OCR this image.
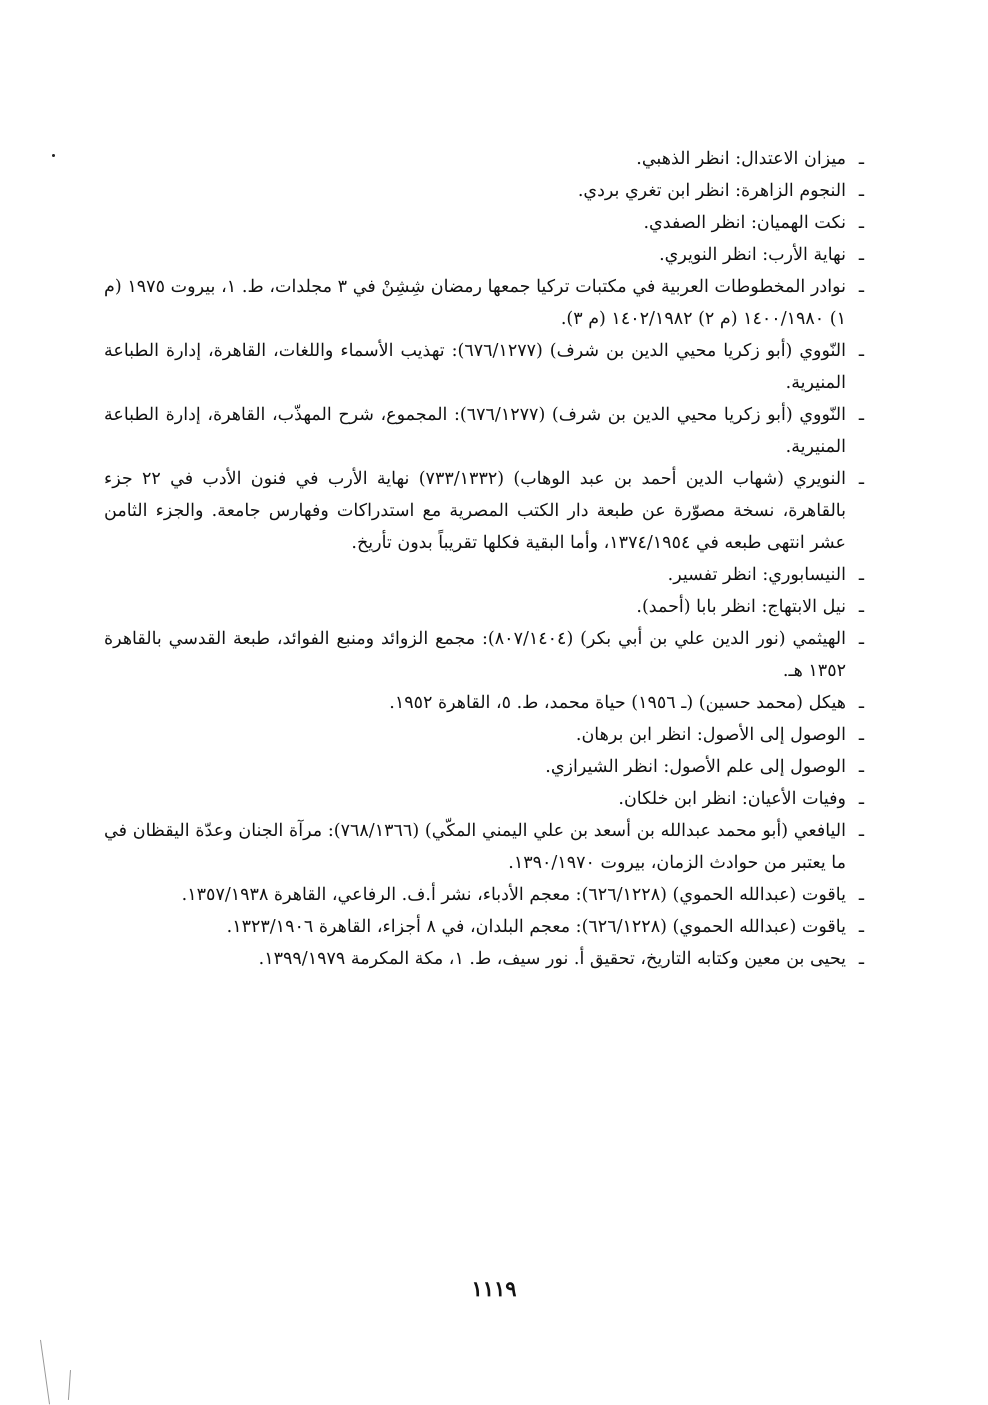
ـ
ميزان الاعتدال: انظر الذهبي.
ـ
النجوم الزاهرة: انظر ابن تغري بردي.
ـ
نكت الهميان: انظر الصفدي.
ـ
نهاية الأرب: انظر النويري.
ـ
نوادر المخطوطات العربية في مكتبات تركيا جمعها رمضان شِشِنْ في ٣ مجلدات، ط. ١، بيروت ١٩٧٥ (م ١) ١٤٠٠/١٩٨٠ (م ٢) ١٤٠٢/١٩٨٢ (م ٣).
ـ
النّووي (أبو زكريا محيي الدين بن شرف) (٦٧٦/١٢٧٧): تهذيب الأسماء واللغات، القاهرة، إدارة الطباعة المنيرية.
ـ
النّووي (أبو زكريا محيي الدين بن شرف) (٦٧٦/١٢٧٧): المجموع، شرح المهذّب، القاهرة، إدارة الطباعة المنيرية.
ـ
النويري (شهاب الدين أحمد بن عبد الوهاب) (٧٣٣/١٣٣٢) نهاية الأرب في فنون الأدب في ٢٢ جزء بالقاهرة، نسخة مصوّرة عن طبعة دار الكتب المصرية مع استدراكات وفهارس جامعة. والجزء الثامن عشر انتهى طبعه في ١٣٧٤/١٩٥٤، وأما البقية فكلها تقريباً بدون تأريخ.
ـ
النيسابوري: انظر تفسير.
ـ
نيل الابتهاج: انظر بابا (أحمد).
ـ
الهيثمي (نور الدين علي بن أبي بكر) (٨٠٧/١٤٠٤): مجمع الزوائد ومنبع الفوائد، طبعة القدسي بالقاهرة ١٣٥٢ هـ.
ـ
هيكل (محمد حسين) (ـ ١٩٥٦) حياة محمد، ط. ٥، القاهرة ١٩٥٢.
ـ
الوصول إلى الأصول: انظر ابن برهان.
ـ
الوصول إلى علم الأصول: انظر الشيرازي.
ـ
وفيات الأعيان: انظر ابن خلكان.
ـ
اليافعي (أبو محمد عبدالله بن أسعد بن علي اليمني المكّي) (٧٦٨/١٣٦٦): مرآة الجنان وعدّة اليقظان في ما يعتبر من حوادث الزمان، بيروت ١٣٩٠/١٩٧٠.
ـ
ياقوت (عبدالله الحموي) (٦٢٦/١٢٢٨): معجم الأدباء، نشر أ.ف. الرفاعي، القاهرة ١٣٥٧/١٩٣٨.
ـ
ياقوت (عبدالله الحموي) (٦٢٦/١٢٢٨): معجم البلدان، في ٨ أجزاء، القاهرة ١٣٢٣/١٩٠٦.
ـ
يحيى بن معين وكتابه التاريخ، تحقيق أ. نور سيف، ط. ١، مكة المكرمة ١٣٩٩/١٩٧٩.
١١١٩
